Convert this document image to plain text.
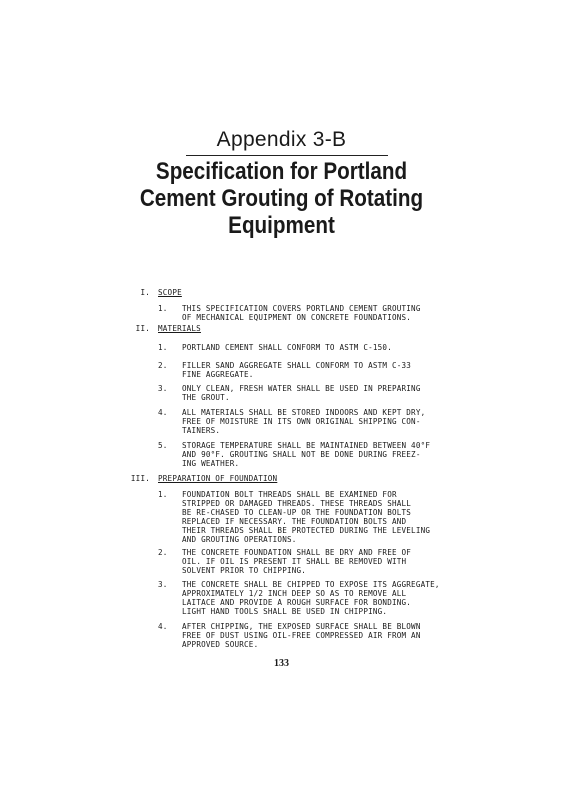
Appendix 3-B
Specification for Portland
Cement Grouting of Rotating
Equipment
I. SCOPE
1. THIS SPECIFICATION COVERS PORTLAND CEMENT GROUTING
OF MECHANICAL EQUIPMENT ON CONCRETE FOUNDATIONS.
II. MATERIALS
1. PORTLAND CEMENT SHALL CONFORM TO ASTM C-150.
2. FILLER SAND AGGREGATE SHALL CONFORM TO ASTM C-33
FINE AGGREGATE.
3. ONLY CLEAN, FRESH WATER SHALL BE USED IN PREPARING
THE GROUT.
4. ALL MATERIALS SHALL BE STORED INDOORS AND KEPT DRY,
FREE OF MOISTURE IN ITS OWN ORIGINAL SHIPPING CON-
TAINERS.
5. STORAGE TEMPERATURE SHALL BE MAINTAINED BETWEEN 40°F
AND 90°F. GROUTING SHALL NOT BE DONE DURING FREEZ-
ING WEATHER.
III. PREPARATION OF FOUNDATION
1. FOUNDATION BOLT THREADS SHALL BE EXAMINED FOR
STRIPPED OR DAMAGED THREADS. THESE THREADS SHALL
BE RE-CHASED TO CLEAN-UP OR THE FOUNDATION BOLTS
REPLACED IF NECESSARY. THE FOUNDATION BOLTS AND
THEIR THREADS SHALL BE PROTECTED DURING THE LEVELING
AND GROUTING OPERATIONS.
2. THE CONCRETE FOUNDATION SHALL BE DRY AND FREE OF
OIL. IF OIL IS PRESENT IT SHALL BE REMOVED WITH
SOLVENT PRIOR TO CHIPPING.
3. THE CONCRETE SHALL BE CHIPPED TO EXPOSE ITS AGGREGATE,
APPROXIMATELY 1/2 INCH DEEP SO AS TO REMOVE ALL
LAITACE AND PROVIDE A ROUGH SURFACE FOR BONDING.
LIGHT HAND TOOLS SHALL BE USED IN CHIPPING.
4. AFTER CHIPPING, THE EXPOSED SURFACE SHALL BE BLOWN
FREE OF DUST USING OIL-FREE COMPRESSED AIR FROM AN
APPROVED SOURCE.
133
